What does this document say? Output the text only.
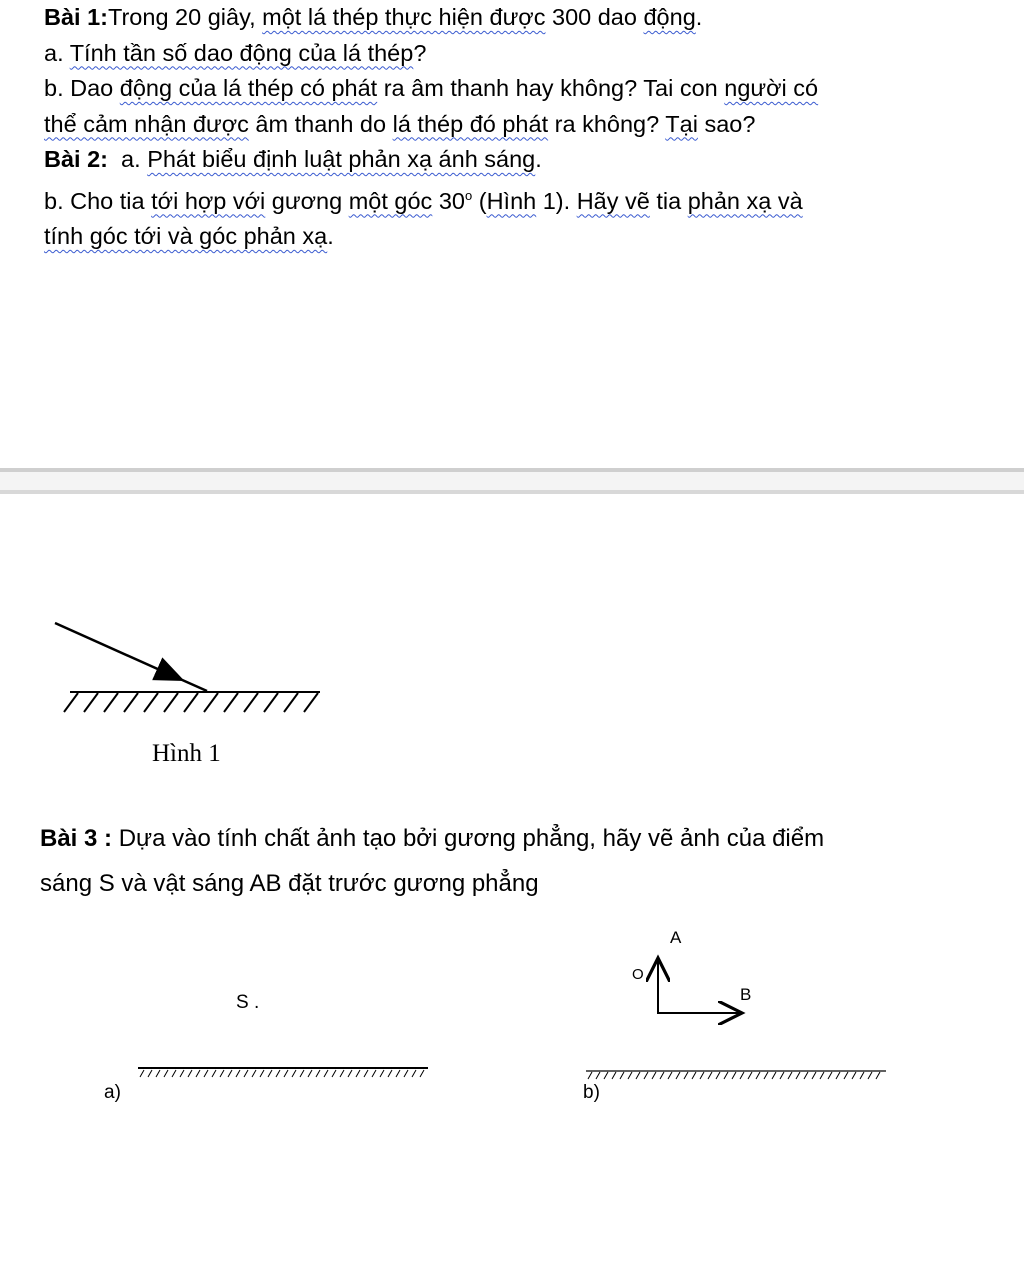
Bài 1:Trong 20 giây, một lá thép thực hiện được 300 dao động.
a. Tính tần số dao động của lá thép?
b. Dao động của lá thép có phát ra âm thanh hay không? Tai con người có
thể cảm nhận được âm thanh do lá thép đó phát ra không? Tại sao?
Bài 2:  a. Phát biểu định luật phản xạ ánh sáng.
b. Cho tia tới hợp với gương một góc 30$^o$ (Hình 1). Hãy vẽ tia phản xạ và
tính góc tới và góc phản xạ.
Hình 1
Bài 3 : Dựa vào tính chất ảnh tạo bởi gương phẳng, hãy vẽ ảnh của điểm
sáng S và vật sáng AB đặt trước gương phẳng
S .
a)	b)
A
O
B
